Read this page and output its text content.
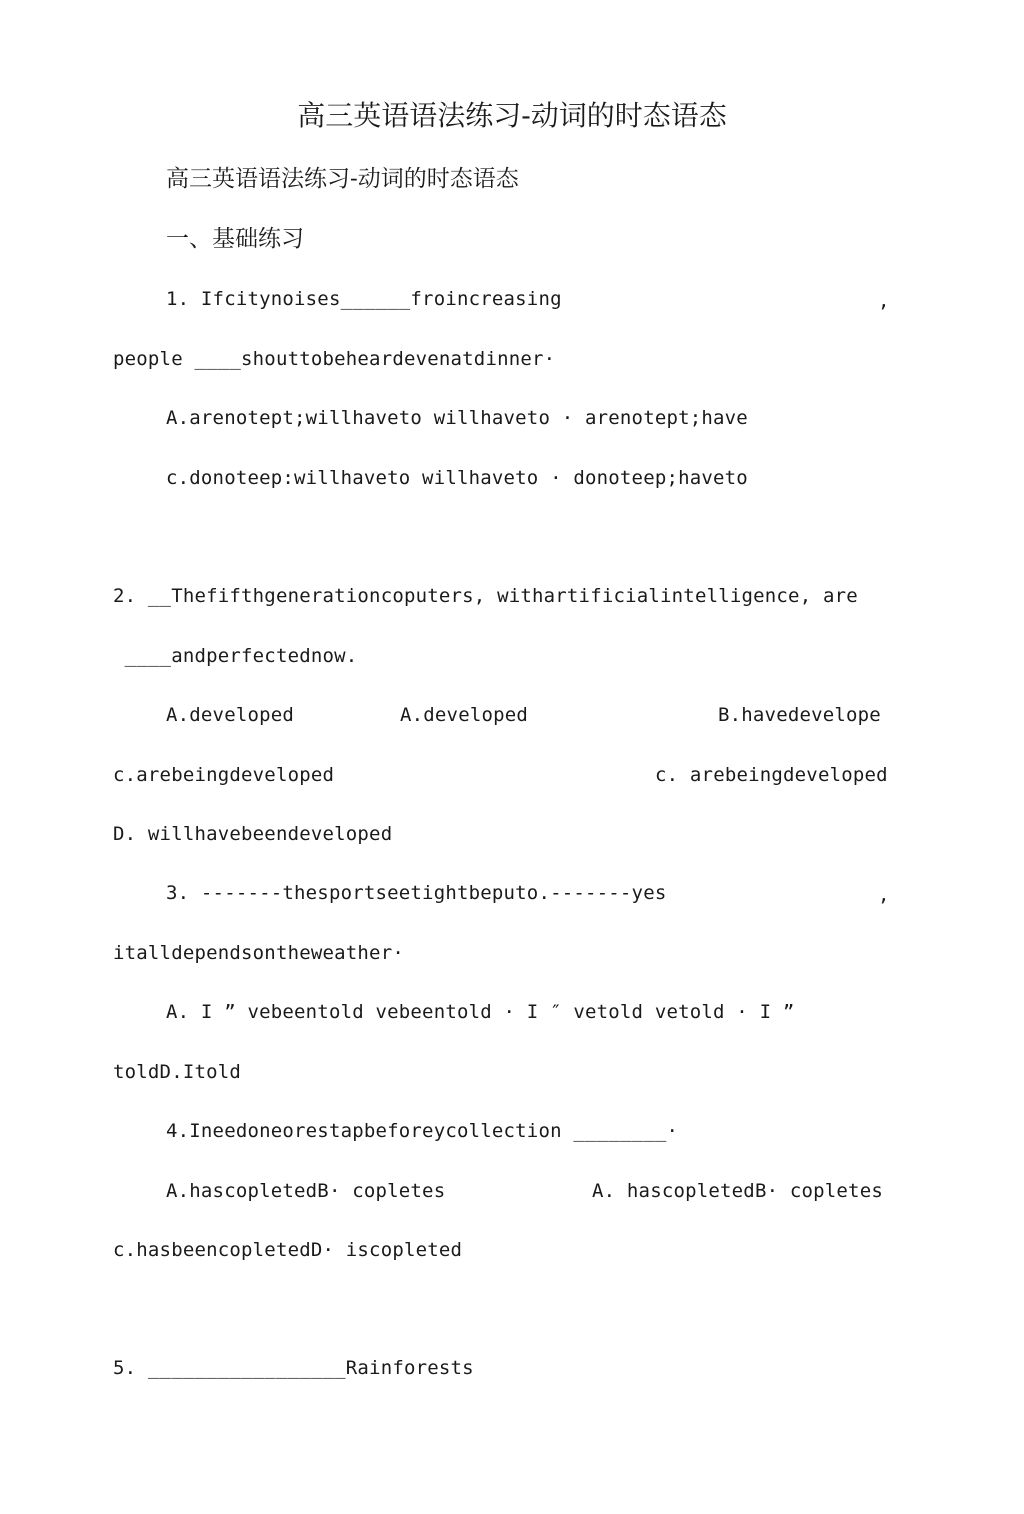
高三英语语法练习-动词的时态语态
高三英语语法练习-动词的时态语态
一、基础练习
1. Ifcitynoises______froincreasing	,
people ____shouttobeheardevenatdinner·
A.arenotept;willhaveto willhaveto · arenotept;have
c.donoteep:willhaveto willhaveto · donoteep;haveto
2. __Thefifthgenerationcoputers, withartificialintelligence, are
____andperfectednow.
A.developed	A.developed	B.havedevelope
c.arebeingdeveloped	c. arebeingdeveloped
D. willhavebeendeveloped
3. -------thesportseetightbeputo.-------yes	,
italldependsontheweather·
A. I ” vebeentold vebeentold · I ″ vetold vetold · I ”
toldD.Itold
4.Ineedoneorestapbeforeycollection ________·
A.hascopletedB· copletes	A. hascopletedB· copletes
c.hasbeencopletedD· iscopleted
5. _________________Rainforests
